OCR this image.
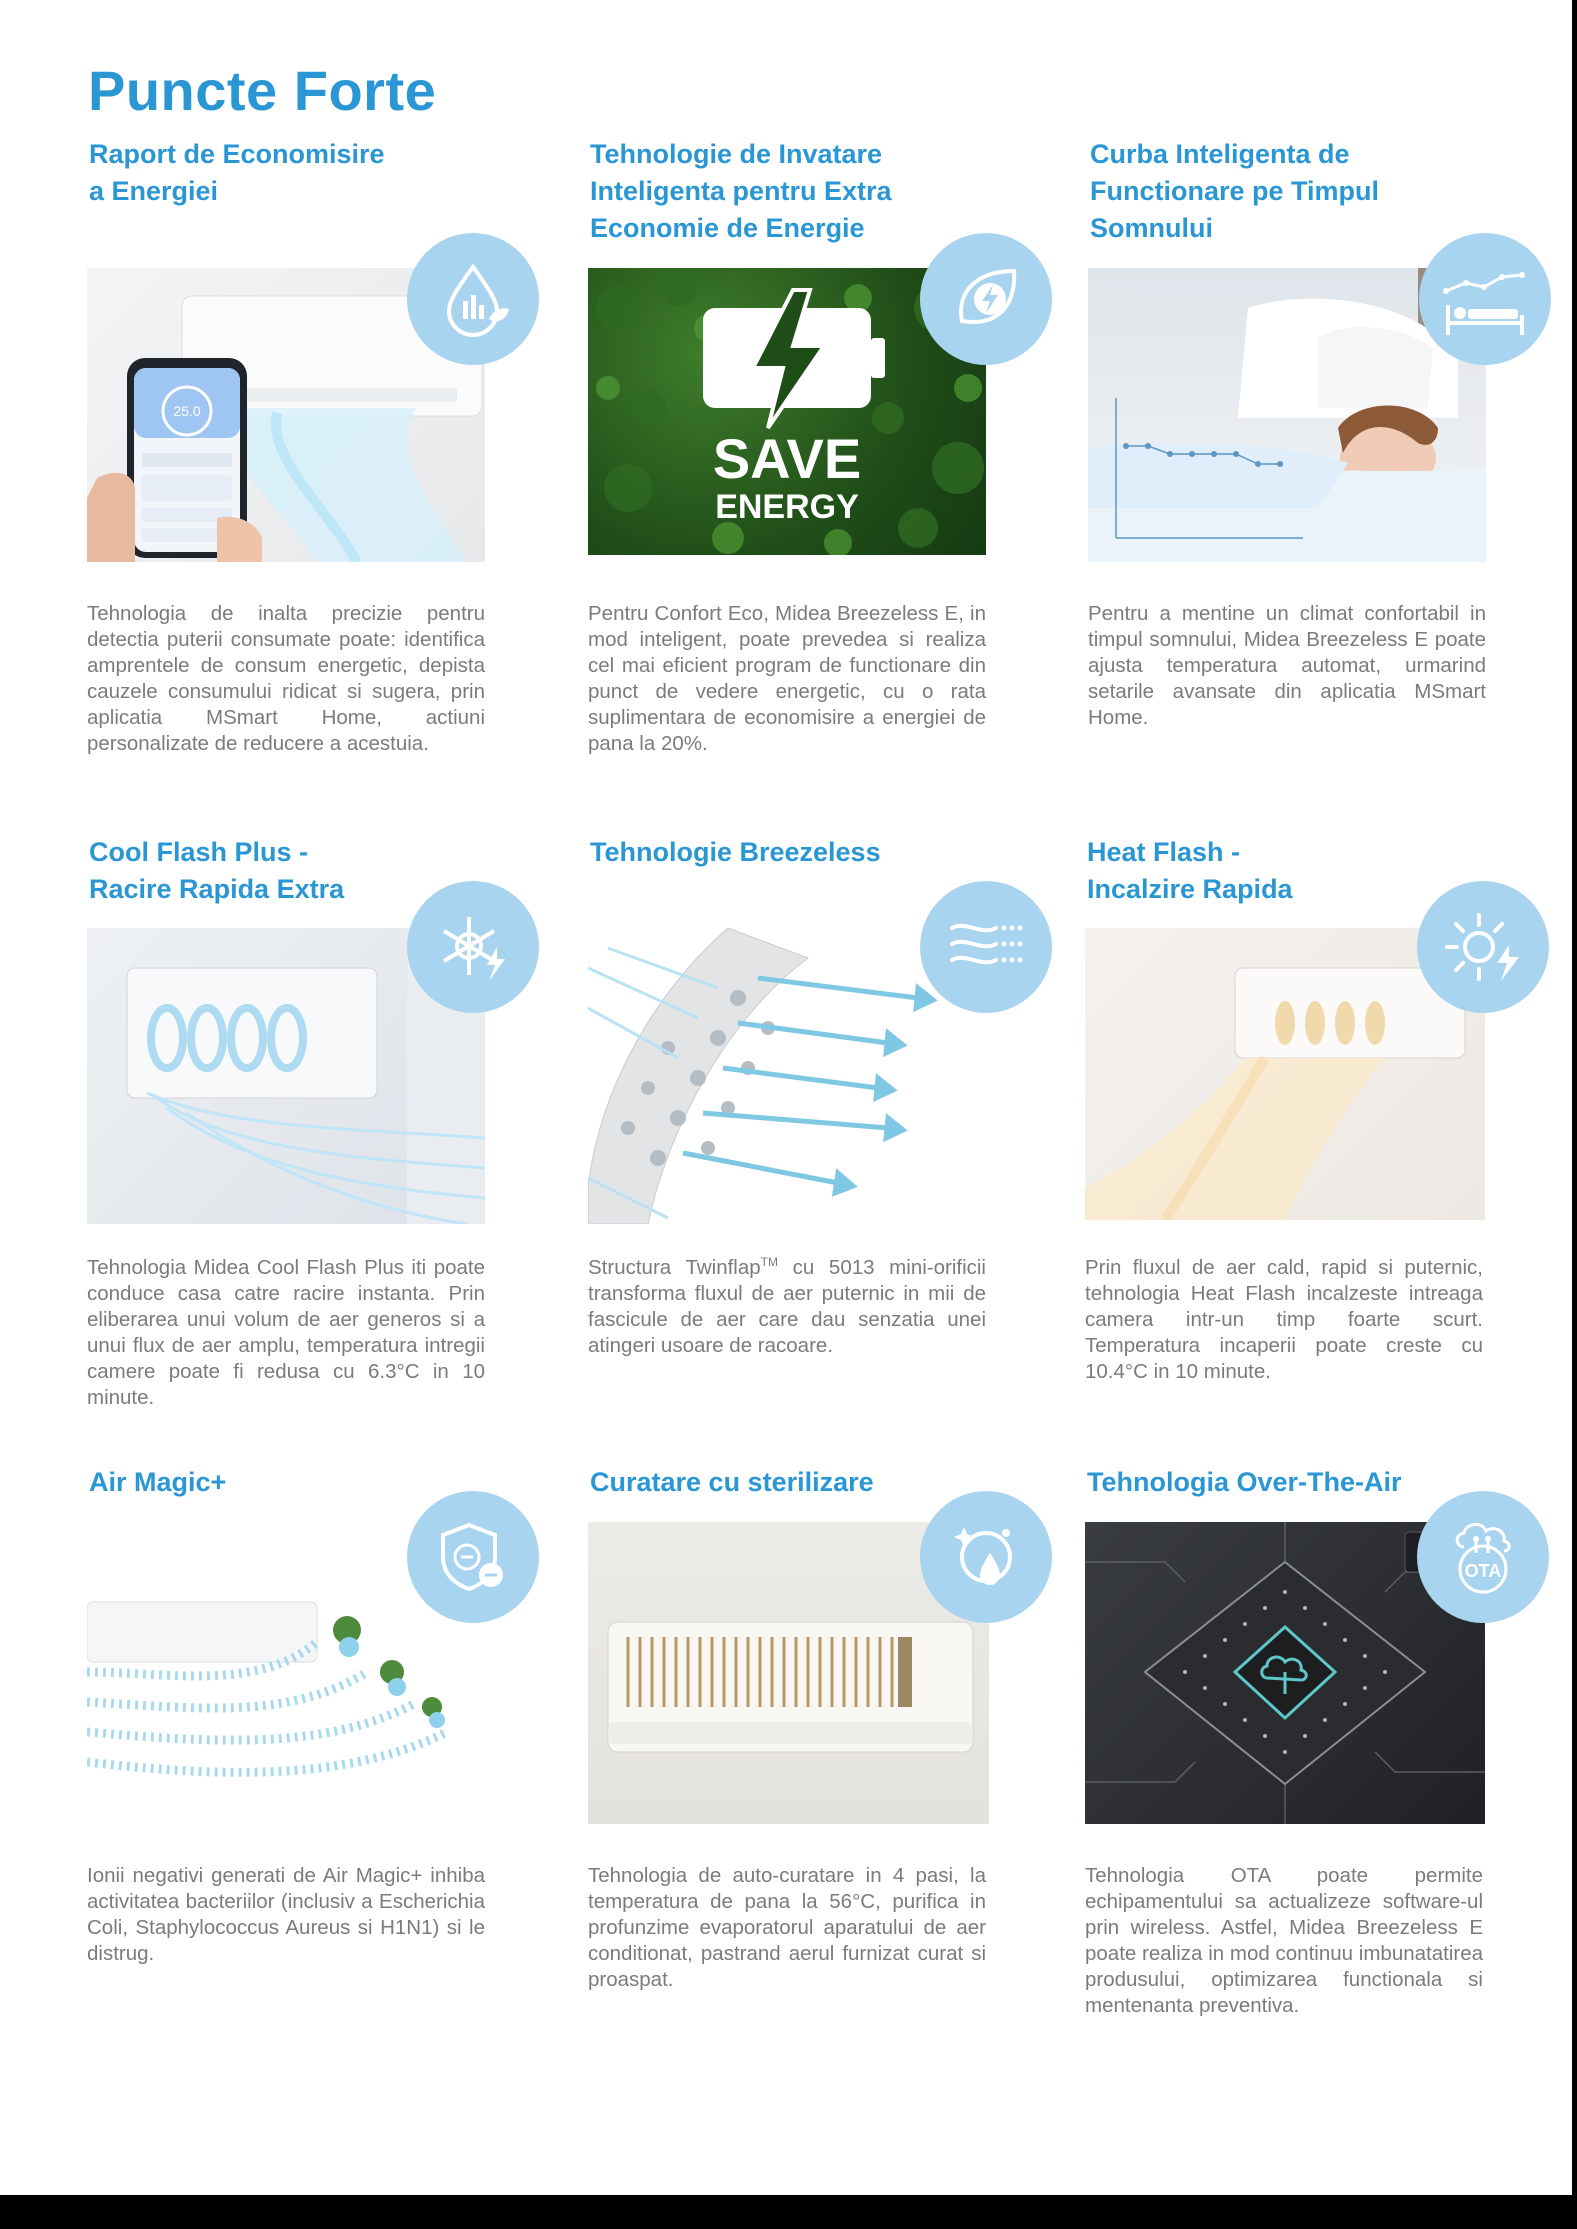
Puncte Forte
Raport de Economisire
a Energiei
25.0

Tehnologia de inalta precizie pentru detectia puterii consumate poate: identifica amprentele de consum energetic, depista cauzele consumului ridicat si sugera, prin aplicatia MSmart Home, actiuni personalizate de reducere a acestuia.

Tehnologie de Invatare
Inteligenta pentru Extra
Economie de Energie
SAVE
ENERGY

Pentru Confort Eco, Midea Breezeless E, in mod inteligent, poate prevedea si realiza cel mai eficient program de functionare din punct de vedere energetic, cu o rata suplimentara de economisire a energiei de pana la 20%.

Curba Inteligenta de
Functionare pe Timpul
Somnului

Pentru a mentine un climat confortabil in timpul somnului, Midea Breezeless E poate ajusta temperatura automat, urmarind setarile avansate din aplicatia MSmart Home.

Cool Flash Plus -
Racire Rapida Extra

Tehnologia Midea Cool Flash Plus iti poate conduce casa catre racire instanta. Prin eliberarea unui volum de aer generos si a unui flux de aer amplu, temperatura intregii camere poate fi redusa cu 6.3°C in 10 minute.

Tehnologie Breezeless

Structura Twinflap™ cu 5013 mini-orificii transforma fluxul de aer puternic in mii de fascicule de aer care dau senzatia unei atingeri usoare de racoare.

Heat Flash -
Incalzire Rapida

Prin fluxul de aer cald, rapid si puternic, tehnologia Heat Flash incalzeste intreaga camera intr-un timp foarte scurt. Temperatura incaperii poate creste cu 10.4°C in 10 minute.

Air Magic+

Ionii negativi generati de Air Magic+ inhiba activitatea bacteriilor (inclusiv a Escherichia Coli, Staphylococcus Aureus si H1N1) si le distrug.

Curatare cu sterilizare

Tehnologia de auto-curatare in 4 pasi, la temperatura de pana la 56°C, purifica in profunzime evaporatorul aparatului de aer conditionat, pastrand aerul furnizat curat si proaspat.

Tehnologia Over-The-Air
OTA

Tehnologia OTA poate permite echipamentului sa actualizeze software-ul prin wireless. Astfel, Midea Breezeless E poate realiza in mod continuu imbunatatirea produsului, optimizarea functionala si mentenanta preventiva.
